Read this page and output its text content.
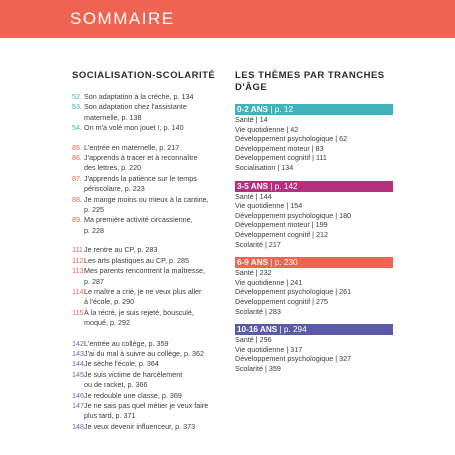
SOMMAIRE
SOCIALISATION-SCOLARITÉ
52. Son adaptation à la crèche, p. 134
53. Son adaptation chez l'assistante
maternelle, p. 138
54. On m'a volé mon jouet !, p. 140
85. L'entrée en maternelle, p. 217
86. J'apprends à tracer et à reconnaître
des lettres, p. 220
87. J'apprends la patience sur le temps
périscolaire, p. 223
88. Je mange moins ou mieux à la cantine,
p. 225
89. Ma première activité circassienne,
p. 228
111. Je rentre au CP, p. 283
112.
Les arts plastiques au CP, p. 285
113.
Mes parents rencontrent la maîtresse,
p. 287
114.
Le maître a crié, je ne veux plus aller
à l'école, p. 290
115.
À la récré, je suis rejeté, bousculé,
moqué, p. 292
142.
L'entrée au collège, p. 359
143.
J'ai du mal à suivre au collège, p. 362
144.
Je sèche l'école, p. 364
145.
Je suis victime de harcèlement
ou de racket, p. 366
146.
Je redouble une classe, p. 369
147.
Je ne sais pas quel métier je veux faire
plus tard, p. 371
148.
Je veux devenir influenceur, p. 373
LES THÈMES PAR TRANCHES
D'ÂGE
0-2 ANS | p. 12
Santé | 14
Vie quotidienne | 42
Développement psychologique | 62
Développement moteur | 83
Développement cognitif | 111
Socialisation | 134
3-5 ANS | p. 142
Santé | 144
Vie quotidienne | 154
Développement psychologique | 180
Développement moteur | 199
Développement cognitif | 212
Scolarité | 217
6-9 ANS | p. 230
Santé | 232
Vie quotidienne | 241
Développement psychologique | 261
Développement cognitif | 275
Scolarité | 283
10-16 ANS | p. 294
Santé | 296
Vie quotidienne | 317
Développement psychologique | 327
Scolarité | 359
